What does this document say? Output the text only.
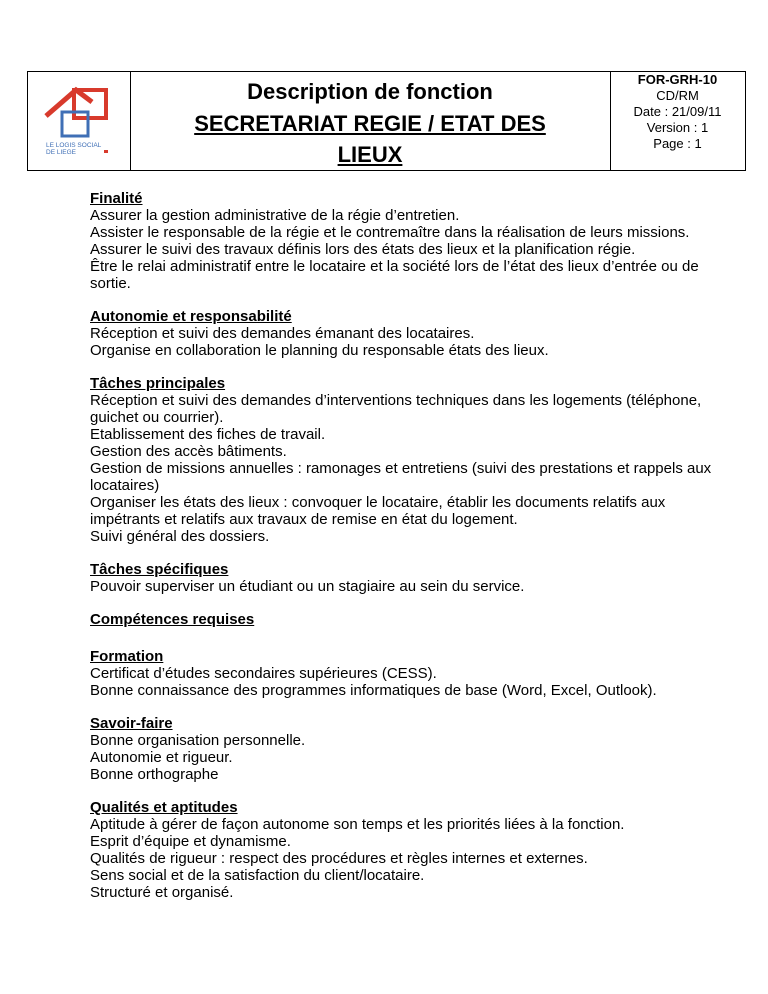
LE LOGIS SOCIAL
DE LIEGE
Description de fonction
SECRETARIAT REGIE / ETAT DES
LIEUX
FOR-GRH-10
CD/RM
Date : 21/09/11
Version : 1
Page : 1
Finalité

Assurer la gestion administrative de la régie d’entretien.

Assister le responsable de la régie et le contremaître dans la réalisation de leurs missions.

Assurer le suivi des travaux définis lors des états des lieux et la planification régie.

Être le relai administratif entre le locataire et la société lors de l’état des lieux d’entrée ou de sortie.

Autonomie et responsabilité

Réception et suivi des demandes émanant des locataires.

Organise en collaboration le planning du responsable états des lieux.

Tâches principales

Réception et suivi des demandes d’interventions techniques dans les logements (téléphone, guichet ou courrier).

Etablissement des fiches de travail.

Gestion des accès bâtiments.

Gestion de missions annuelles : ramonages et entretiens (suivi des prestations et rappels aux locataires)

Organiser les états des lieux : convoquer le locataire, établir les documents relatifs aux impétrants et relatifs aux travaux de remise en état du logement.

Suivi général des dossiers.

Tâches spécifiques

Pouvoir superviser un étudiant ou un stagiaire au sein du service.

Compétences requises
Formation

Certificat d’études secondaires supérieures (CESS).

Bonne connaissance des programmes informatiques de base (Word, Excel, Outlook).

Savoir-faire

Bonne organisation personnelle.

Autonomie et rigueur.

Bonne orthographe

Qualités et aptitudes

Aptitude à gérer de façon autonome son temps et les priorités liées à la fonction.

Esprit d’équipe et dynamisme.

Qualités de rigueur : respect des procédures et règles internes et externes.

Sens social et de la satisfaction du client/locataire.

Structuré et organisé.
